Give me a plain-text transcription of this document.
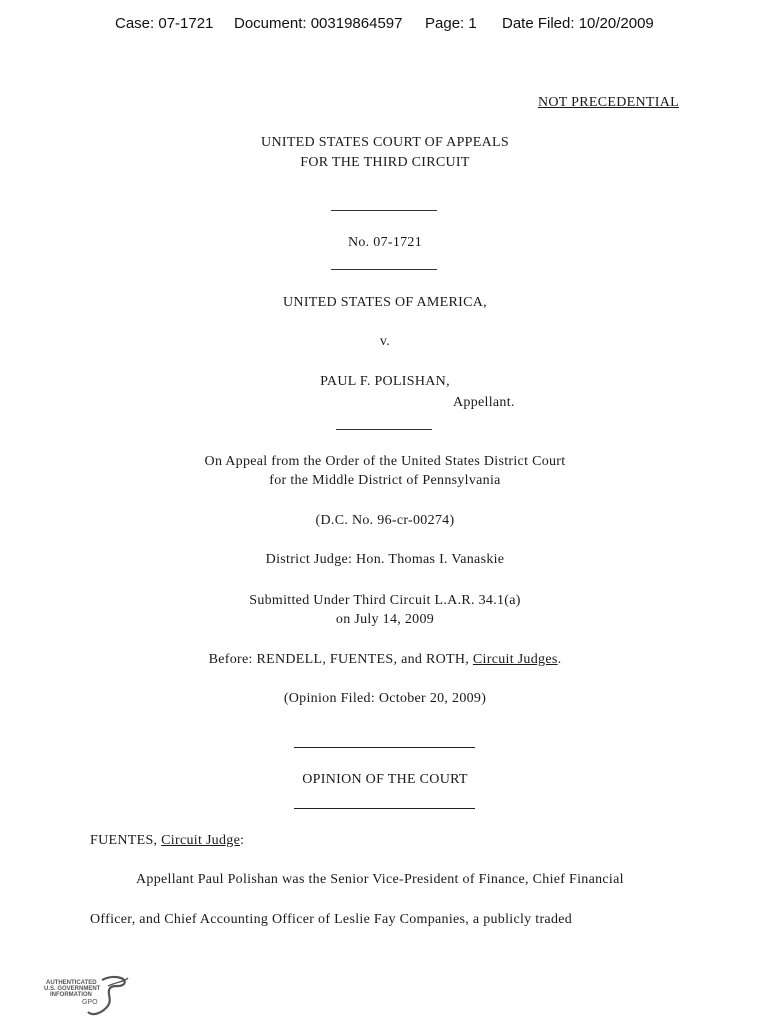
Case: 07-1721 Document: 00319864597 Page: 1 Date Filed: 10/20/2009
NOT PRECEDENTIAL
UNITED STATES COURT OF APPEALS
FOR THE THIRD CIRCUIT
No. 07-1721
UNITED STATES OF AMERICA,
v.
PAUL F. POLISHAN,
Appellant.
On Appeal from the Order of the United States District Court
for the Middle District of Pennsylvania
(D.C. No. 96-cr-00274)
District Judge: Hon. Thomas I. Vanaskie
Submitted Under Third Circuit L.A.R. 34.1(a)
on July 14, 2009
Before: RENDELL, FUENTES, and ROTH, Circuit Judges.
(Opinion Filed: October 20, 2009)
OPINION OF THE COURT
FUENTES, Circuit Judge:
Appellant Paul Polishan was the Senior Vice-President of Finance, Chief Financial
Officer, and Chief Accounting Officer of Leslie Fay Companies, a publicly traded
AUTHENTICATED
U.S. GOVERNMENT
INFORMATION
GPO
